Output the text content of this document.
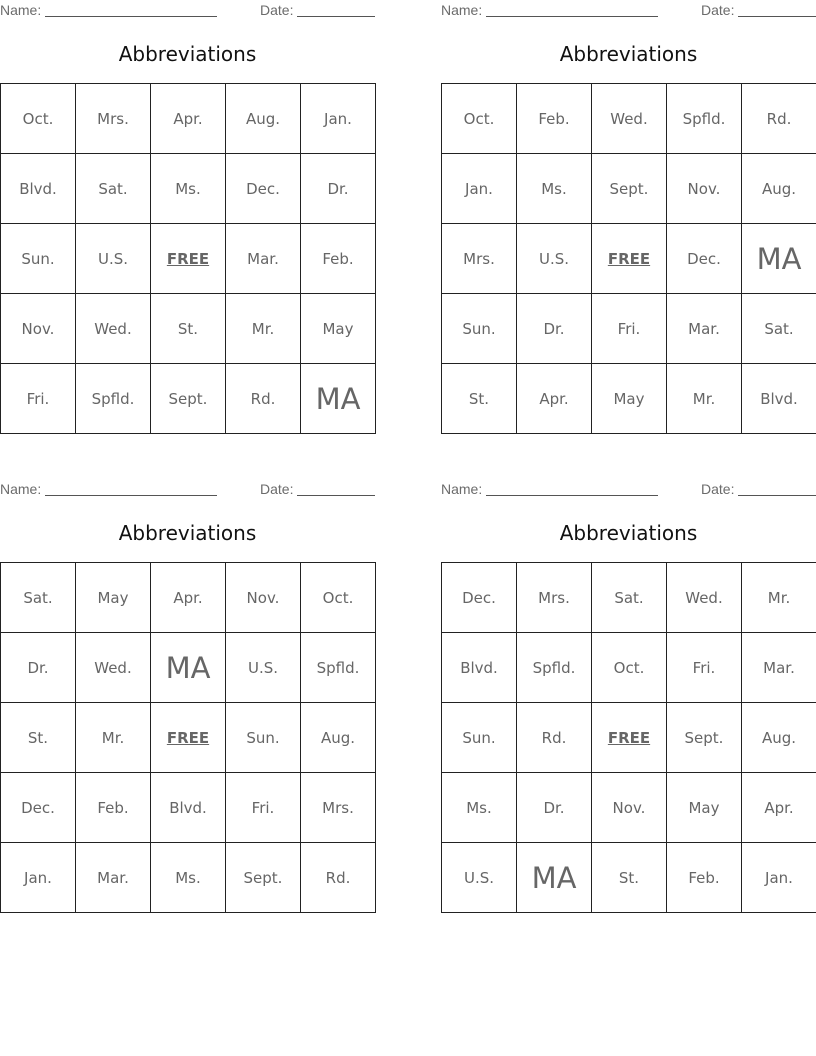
Name:	Date:
Abbreviations
Oct.	Mrs.	Apr.	Aug.	Jan.
Blvd.	Sat.	Ms.	Dec.	Dr.
Sun.	U.S.	FREE	Mar.	Feb.
Nov.	Wed.	St.	Mr.	May
Fri.	Spfld.	Sept.	Rd.	MA
Name:	Date:
Abbreviations
Oct.	Feb.	Wed.	Spfld.	Rd.
Jan.	Ms.	Sept.	Nov.	Aug.
Mrs.	U.S.	FREE	Dec.	MA
Sun.	Dr.	Fri.	Mar.	Sat.
St.	Apr.	May	Mr.	Blvd.
Name:	Date:
Abbreviations
Sat.	May	Apr.	Nov.	Oct.
Dr.	Wed.	MA	U.S.	Spfld.
St.	Mr.	FREE	Sun.	Aug.
Dec.	Feb.	Blvd.	Fri.	Mrs.
Jan.	Mar.	Ms.	Sept.	Rd.
Name:	Date:
Abbreviations
Dec.	Mrs.	Sat.	Wed.	Mr.
Blvd.	Spfld.	Oct.	Fri.	Mar.
Sun.	Rd.	FREE	Sept.	Aug.
Ms.	Dr.	Nov.	May	Apr.
U.S.	MA	St.	Feb.	Jan.
